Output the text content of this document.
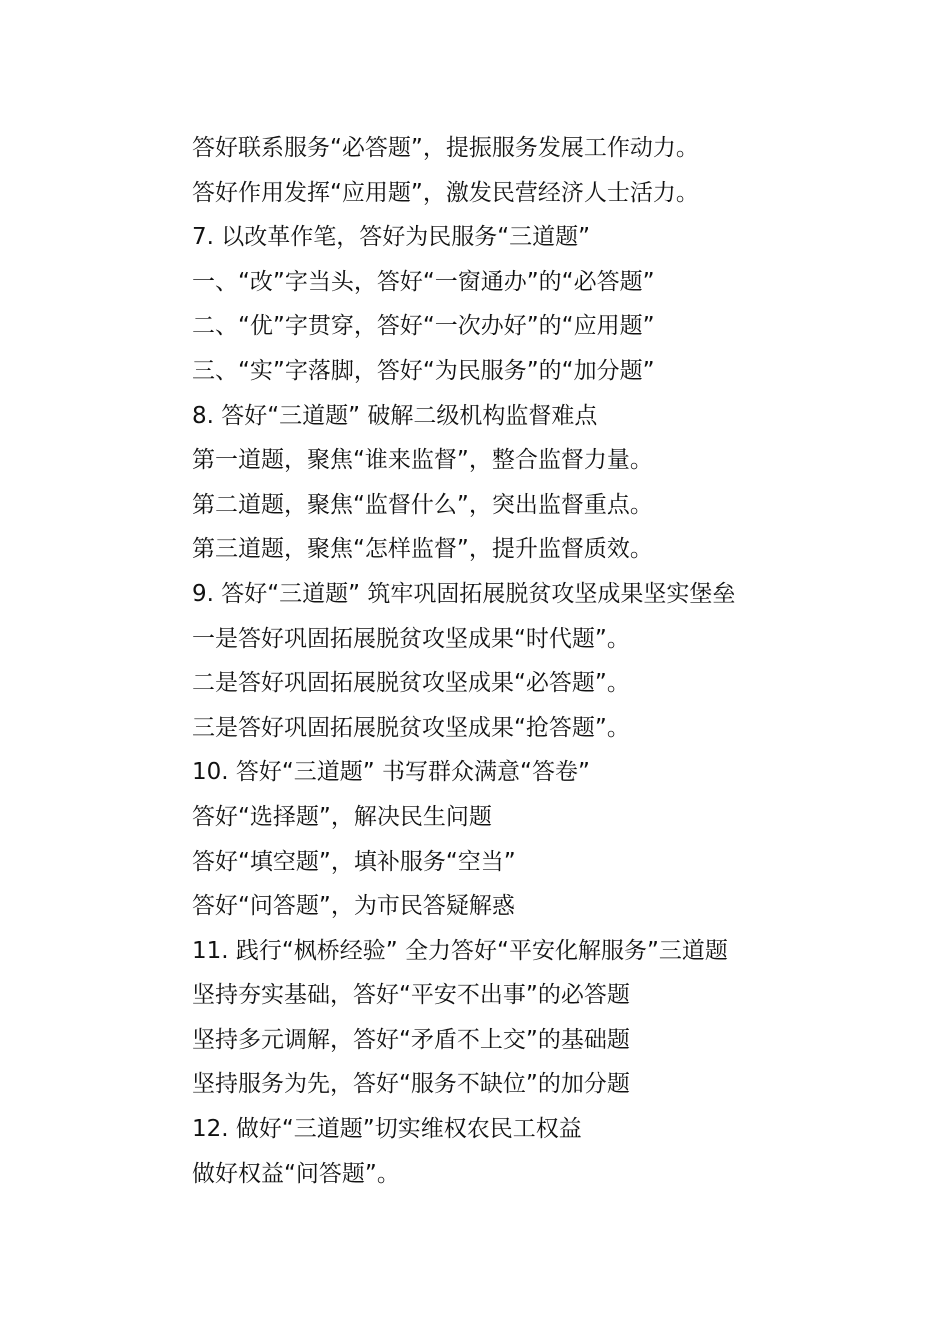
答好联系服务“必答题”，提振服务发展工作动力。
答好作用发挥“应用题”，激发民营经济人士活力。
7. 以改革作笔，答好为民服务“三道题”
一、“改”字当头，答好“一窗通办”的“必答题”
二、“优”字贯穿，答好“一次办好”的“应用题”
三、“实”字落脚，答好“为民服务”的“加分题”
8. 答好“三道题” 破解二级机构监督难点
第一道题，聚焦“谁来监督”，整合监督力量。
第二道题，聚焦“监督什么”，突出监督重点。
第三道题，聚焦“怎样监督”，提升监督质效。
9. 答好“三道题” 筑牢巩固拓展脱贫攻坚成果坚实堡垒
一是答好巩固拓展脱贫攻坚成果“时代题”。
二是答好巩固拓展脱贫攻坚成果“必答题”。
三是答好巩固拓展脱贫攻坚成果“抢答题”。
10. 答好“三道题” 书写群众满意“答卷”
答好“选择题”，解决民生问题
答好“填空题”，填补服务“空当”
答好“问答题”，为市民答疑解惑
11. 践行“枫桥经验” 全力答好“平安化解服务”三道题
坚持夯实基础，答好“平安不出事”的必答题
坚持多元调解，答好“矛盾不上交”的基础题
坚持服务为先，答好“服务不缺位”的加分题
12. 做好“三道题”切实维权农民工权益
做好权益“问答题”。
